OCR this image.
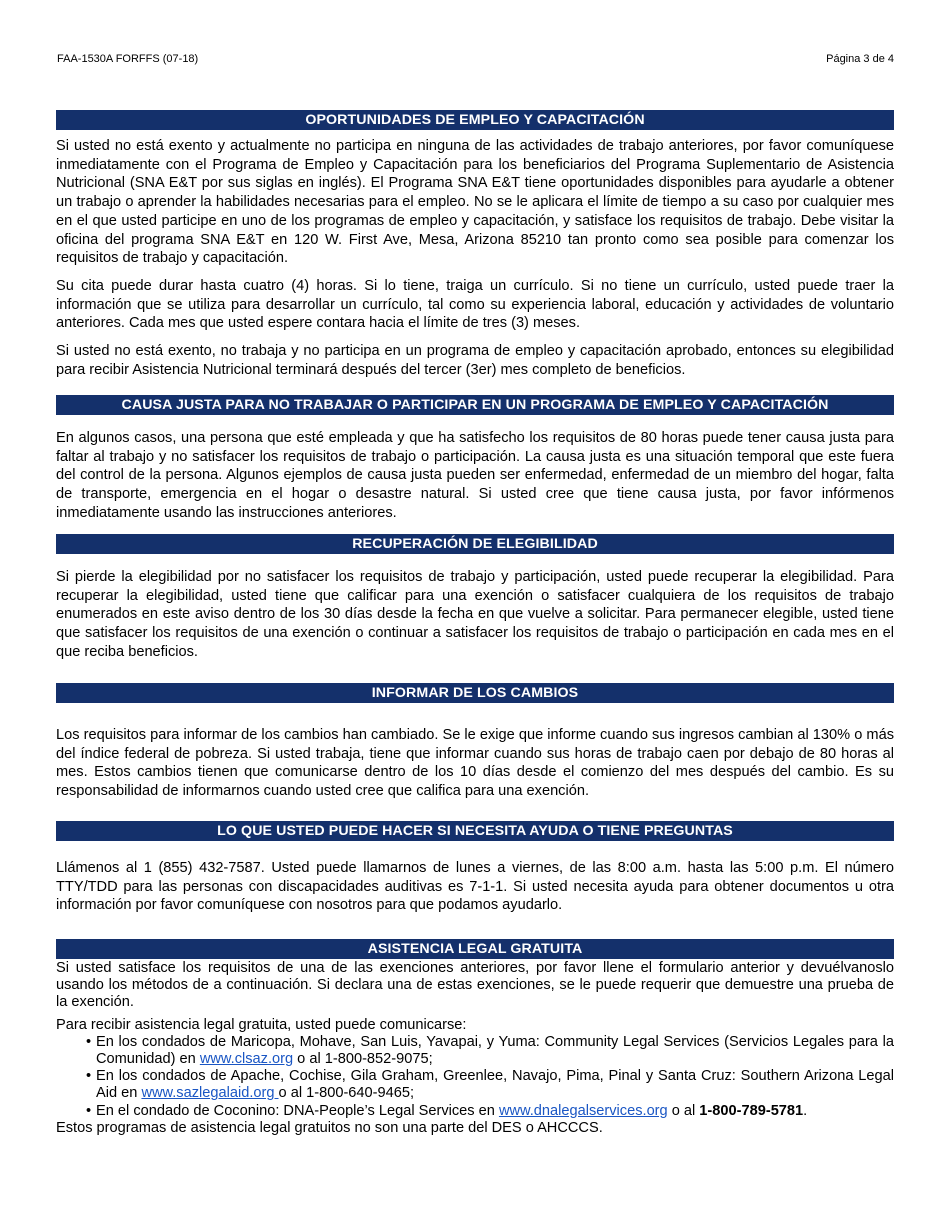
FAA-1530A FORFFS (07-18)	Página 3 de 4
OPORTUNIDADES DE EMPLEO Y CAPACITACIÓN

Si usted no está exento y actualmente no participa en ninguna de las actividades de trabajo anteriores, por favor comuníquese inmediatamente con el Programa de Empleo y Capacitación para los beneficiarios del Programa Suplementario de Asistencia Nutricional (SNA E&T por sus siglas en inglés). El Programa SNA E&T tiene oportunidades disponibles para ayudarle a obtener un trabajo o aprender la habilidades necesarias para el empleo. No se le aplicara el límite de tiempo a su caso por cualquier mes en el que usted participe en uno de los programas de empleo y capacitación, y satisface los requisitos de trabajo. Debe visitar la oficina del programa SNA E&T en 120 W. First Ave, Mesa, Arizona 85210 tan pronto como sea posible para comenzar los requisitos de trabajo y capacitación.

Su cita puede durar hasta cuatro (4) horas. Si lo tiene, traiga un currículo. Si no tiene un currículo, usted puede traer la información que se utiliza para desarrollar un currículo, tal como su experiencia laboral, educación y actividades de voluntario anteriores. Cada mes que usted espere contara hacia el límite de tres (3) meses.

Si usted no está exento, no trabaja y no participa en un programa de empleo y capacitación aprobado, entonces su elegibilidad para recibir Asistencia Nutricional terminará después del tercer (3er) mes completo de beneficios.

CAUSA JUSTA PARA NO TRABAJAR O PARTICIPAR EN UN PROGRAMA DE EMPLEO Y CAPACITACIÓN

En algunos casos, una persona que esté empleada y que ha satisfecho los requisitos de 80 horas puede tener causa justa para faltar al trabajo y no satisfacer los requisitos de trabajo o participación. La causa justa es una situación temporal que este fuera del control de la persona. Algunos ejemplos de causa justa pueden ser enfermedad, enfermedad de un miembro del hogar, falta de transporte, emergencia en el hogar o desastre natural. Si usted cree que tiene causa justa, por favor infórmenos inmediatamente usando las instrucciones anteriores.

RECUPERACIÓN DE ELEGIBILIDAD

Si pierde la elegibilidad por no satisfacer los requisitos de trabajo y participación, usted puede recuperar la elegibilidad. Para recuperar la elegibilidad, usted tiene que calificar para una exención o satisfacer cualquiera de los requisitos de trabajo enumerados en este aviso dentro de los 30 días desde la fecha en que vuelve a solicitar. Para permanecer elegible, usted tiene que satisfacer los requisitos de una exención o continuar a satisfacer los requisitos de trabajo o participación en cada mes en el que reciba beneficios.

INFORMAR DE LOS CAMBIOS

Los requisitos para informar de los cambios han cambiado. Se le exige que informe cuando sus ingresos cambian al 130% o más del índice federal de pobreza. Si usted trabaja, tiene que informar cuando sus horas de trabajo caen por debajo de 80 horas al mes. Estos cambios tienen que comunicarse dentro de los 10 días desde el comienzo del mes después del cambio. Es su responsabilidad de informarnos cuando usted cree que califica para una exención.

LO QUE USTED PUEDE HACER SI NECESITA AYUDA O TIENE PREGUNTAS

Llámenos al 1 (855) 432-7587. Usted puede llamarnos de lunes a viernes, de las 8:00 a.m. hasta las 5:00 p.m. El número TTY/TDD para las personas con discapacidades auditivas es 7-1-1. Si usted necesita ayuda para obtener documentos u otra información por favor comuníquese con nosotros para que podamos ayudarlo.

ASISTENCIA LEGAL GRATUITA

Si usted satisface los requisitos de una de las exenciones anteriores, por favor llene el formulario anterior y devuélvanoslo usando los métodos de a continuación. Si declara una de estas exenciones, se le puede requerir que demuestre una prueba de la exención.

Para recibir asistencia legal gratuita, usted puede comunicarse:

• En los condados de Maricopa, Mohave, San Luis, Yavapai, y Yuma: Community Legal Services (Servicios Legales para la Comunidad) en www.clsaz.org o al 1-800-852-9075;
• En los condados de Apache, Cochise, Gila Graham, Greenlee, Navajo, Pima, Pinal y Santa Cruz: Southern Arizona Legal Aid en www.sazlegalaid.org o al 1-800-640-9465;
• En el condado de Coconino: DNA-People’s Legal Services en www.dnalegalservices.org o al 1-800-789-5781.

Estos programas de asistencia legal gratuitos no son una parte del DES o AHCCCS.
